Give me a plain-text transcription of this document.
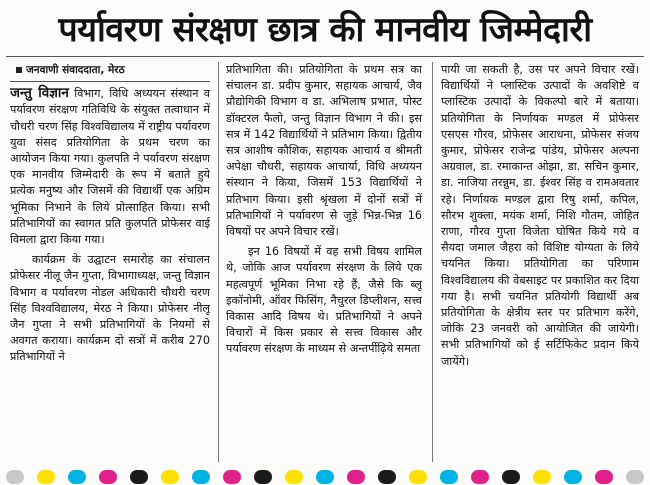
पर्यावरण संरक्षण छात्र की मानवीय जिम्मेदारी
जनवाणी संवाददाता, मेरठ

जन्तु विज्ञान विभाग, विधि अध्ययन संस्थान व पर्यावरण संरक्षण गतिविधि के संयुक्त तत्वाधान में चौधरी चरण सिंह विश्वविद्यालय में राष्ट्रीय पर्यावरण युवा संसद प्रतियोगिता के प्रथम चरण का आयोजन किया गया। कुलपति ने पर्यावरण संरक्षण एक मानवीय जिम्मेदारी के रूप में बताते हुये प्रत्येक मनुष्य और जिसमें की विद्यार्थी एक अग्रिम भूमिका निभाने के लिये प्रोत्साहित किया। सभी प्रतिभागियों का स्वागत प्रति कुलपति प्रोफेसर वाई विमला द्वारा किया गया।

कार्यक्रम के उद्घाटन समारोह का संचालन प्रोफेसर नीलू जैन गुप्ता, विभागाध्यक्ष, जन्तु विज्ञान विभाग व पर्यावरण नोडल अधिकारी चौधरी चरण सिंह विश्वविद्यालय, मेरठ ने किया। प्रोफेसर नीलू जैन गुप्ता ने सभी प्रतिभागियों के नियमों से अवगत कराया। कार्यक्रम दो सत्रों में करीब 270 प्रतिभागियों ने

प्रतिभागिता की। प्रतियोगिता के प्रथम सत्र का संचालन डा. प्रदीप कुमार, सहायक आचार्य, जैव प्रौद्योगिकी विभाग व डा. अभिलाष प्रभात, पोस्ट डॉक्टरल फैलो, जन्तु विज्ञान विभाग ने की। इस सत्र में 142 विद्यार्थियों ने प्रतिभाग किया। द्वितीय सत्र आशीष कौशिक, सहायक आचार्य व श्रीमती अपेक्षा चौधरी, सहायक आचार्या, विधि अध्ययन संस्थान ने किया, जिसमें 153 विद्यार्थियों ने प्रतिभाग किया। इसी श्रृंखला में दोनों सत्रों में प्रतिभागियों ने पर्यावरण से जुड़े भिन्न-भिन्न 16 विषयों पर अपने विचार रखें।

इन 16 विषयों में वह सभी विषय शामिल थे, जोकि आज पर्यावरण संरक्षण के लिये एक महत्वपूर्ण भूमिका निभा रहे हैं, जैसे कि ब्लू इकॉनोमी, ऑवर फिसिंग, नैचुरल डिप्लीशन, सत्त्व विकास आदि विषय थे। प्रतिभागियों ने अपने विचारों में किस प्रकार से सत्त्व विकास और पर्यावरण संरक्षण के माध्यम से अन्तर्पीढ़िये समता

पायी जा सकती है, उस पर अपने विचार रखें। विद्यार्थियों ने प्लास्टिक उत्पादों के अवशिष्टे व प्लास्टिक उत्पादों के विकल्पो बारे में बताया। प्रतियोगिता के निर्णायक मण्डल में प्रोफेसर एसएस गौरव, प्रोफेसर आराधना, प्रोफेसर संजय कुमार, प्रोफेसर राजेन्द्र पांडेय, प्रोफेसर अल्पना अग्रवाल, डा. रमाकान्त ओझा, डा. सचिन कुमार, डा. नाजिया तरन्नुम, डा. ईश्वर सिंह व रामअवतार रहे। निर्णायक मण्डल द्वारा रिषु शर्मा, कपिल, सौरभ शुक्ला, मयंक शर्मा, निशि गौतम, जोहित राणा, गौरव गुप्ता विजेता घोषित किये गये व सैयदा जमाल जैहरा को विशिष्ट योग्यता के लिये चयनित किया। प्रतियोगिता का परिणाम विश्वविद्यालय की वेबसाइट पर प्रकाशित कर दिया गया है। सभी चयनित प्रतियोगी विद्यार्थी अब प्रतियोगिता के क्षेत्रीय स्तर पर प्रतिभाग करेंगे, जोकि 23 जनवरी को आयोजित की जायेगी। सभी प्रतिभागियों को ई सर्टिफिकेट प्रदान किये जायेंगे।
